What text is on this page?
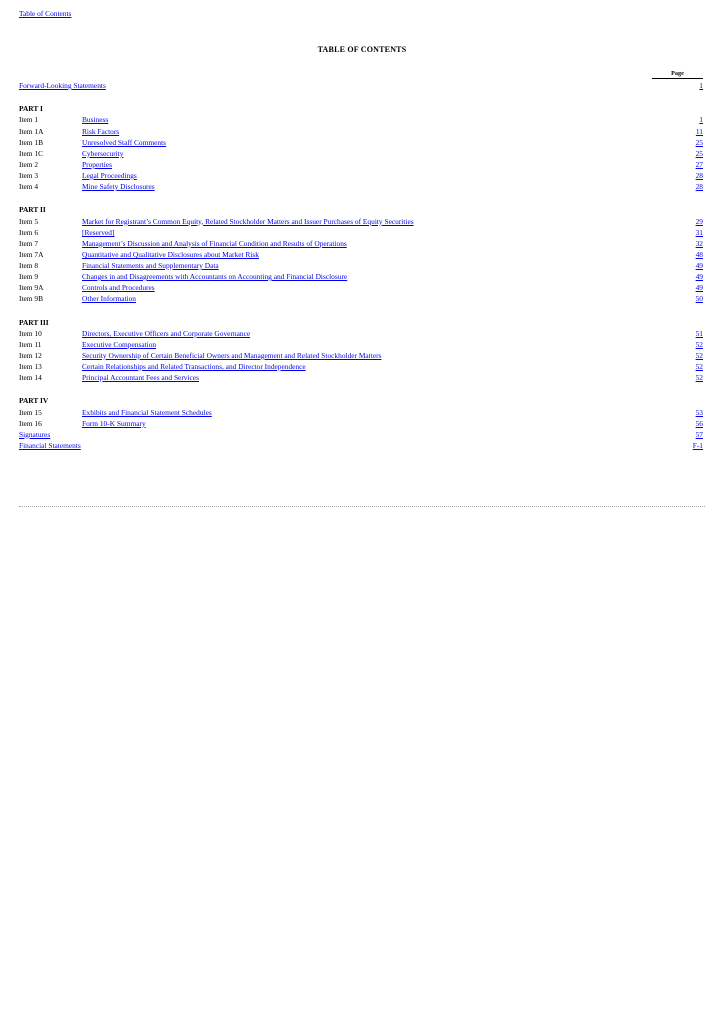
Table of Contents
TABLE OF CONTENTS
Page
Forward-Looking Statements	1
PART I
Item 1	Business	1
Item 1A	Risk Factors	11
Item 1B	Unresolved Staff Comments	25
Item 1C	Cybersecurity	25
Item 2	Properties	27
Item 3	Legal Proceedings	28
Item 4	Mine Safety Disclosures	28
PART II
Item 5	Market for Registrant’s Common Equity, Related Stockholder Matters and Issuer Purchases of Equity Securities	29
Item 6	[Reserved]	31
Item 7	Management’s Discussion and Analysis of Financial Condition and Results of Operations	32
Item 7A	Quantitative and Qualitative Disclosures about Market Risk	48
Item 8	Financial Statements and Supplementary Data	49
Item 9	Changes in and Disagreements with Accountants on Accounting and Financial Disclosure	49
Item 9A	Controls and Procedures	49
Item 9B	Other Information	50
PART III
Item 10	Directors, Executive Officers and Corporate Governance	51
Item 11	Executive Compensation	52
Item 12	Security Ownership of Certain Beneficial Owners and Management and Related Stockholder Matters	52
Item 13	Certain Relationships and Related Transactions, and Director Independence	52
Item 14	Principal Accountant Fees and Services	52
PART IV
Item 15	Exhibits and Financial Statement Schedules	53
Item 16	Form 10-K Summary	56
Signatures	57
Financial Statements	F-1
